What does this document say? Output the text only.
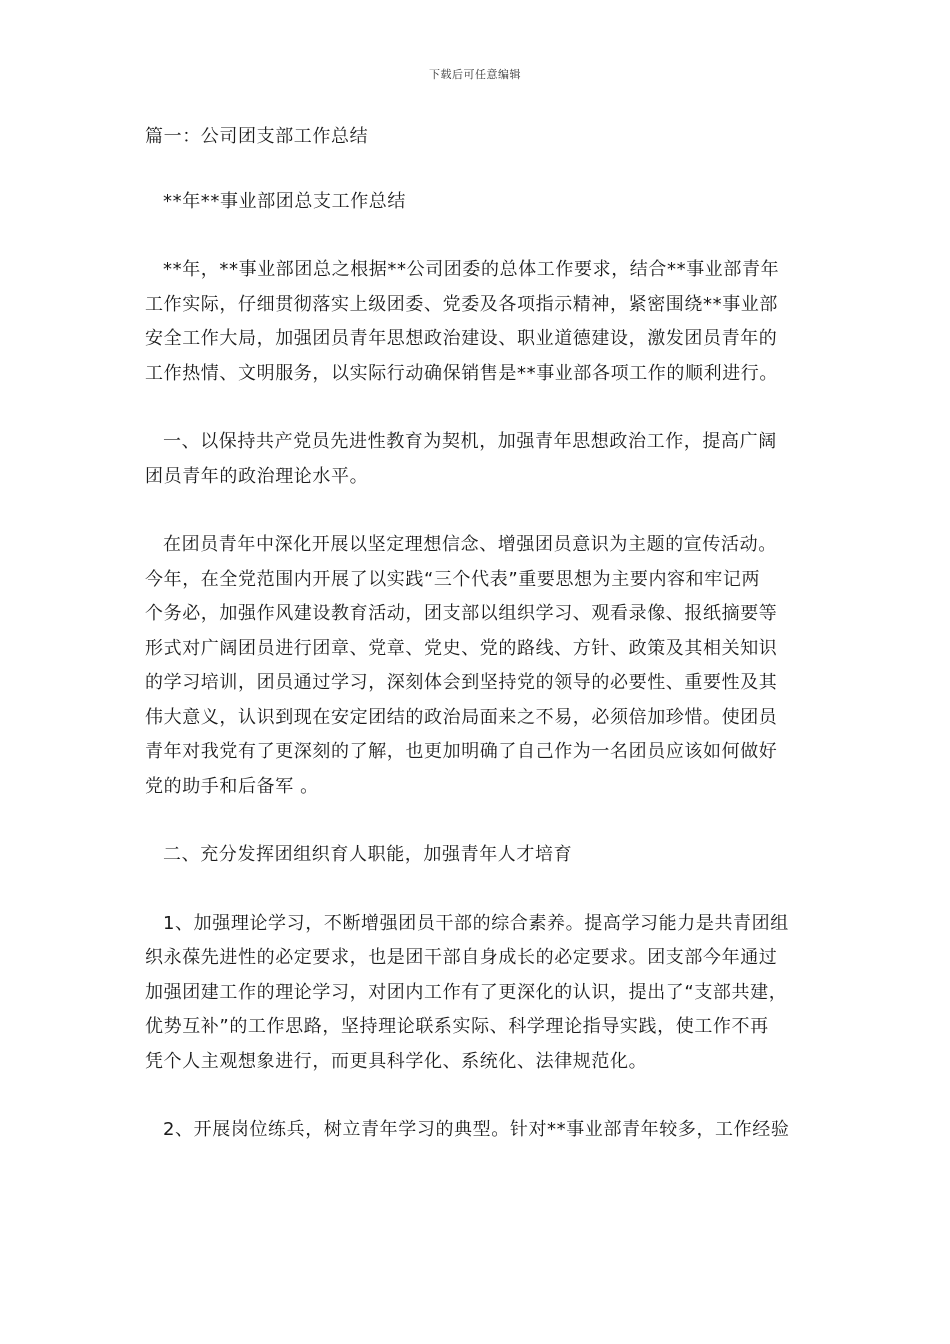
下载后可任意编辑
篇一：公司团支部工作总结
**年**事业部团总支工作总结
**年，**事业部团总之根据**公司团委的总体工作要求，结合**事业部青年
工作实际，仔细贯彻落实上级团委、党委及各项指示精神，紧密围绕**事业部
安全工作大局，加强团员青年思想政治建设、职业道德建设，激发团员青年的
工作热情、文明服务，以实际行动确保销售是**事业部各项工作的顺利进行。
一、以保持共产党员先进性教育为契机，加强青年思想政治工作，提高广阔
团员青年的政治理论水平。
在团员青年中深化开展以坚定理想信念、增强团员意识为主题的宣传活动。
今年，在全党范围内开展了以实践“三个代表”重要思想为主要内容和牢记两
个务必，加强作风建设教育活动，团支部以组织学习、观看录像、报纸摘要等
形式对广阔团员进行团章、党章、党史、党的路线、方针、政策及其相关知识
的学习培训，团员通过学习，深刻体会到坚持党的领导的必要性、重要性及其
伟大意义，认识到现在安定团结的政治局面来之不易，必须倍加珍惜。使团员
青年对我党有了更深刻的了解，也更加明确了自己作为一名团员应该如何做好
党的助手和后备军 。
二、充分发挥团组织育人职能，加强青年人才培育
1、加强理论学习，不断增强团员干部的综合素养。提高学习能力是共青团组
织永葆先进性的必定要求，也是团干部自身成长的必定要求。团支部今年通过
加强团建工作的理论学习，对团内工作有了更深化的认识，提出了“支部共建，
优势互补”的工作思路，坚持理论联系实际、科学理论指导实践，使工作不再
凭个人主观想象进行，而更具科学化、系统化、法律规范化。
2、开展岗位练兵，树立青年学习的典型。针对**事业部青年较多，工作经验
